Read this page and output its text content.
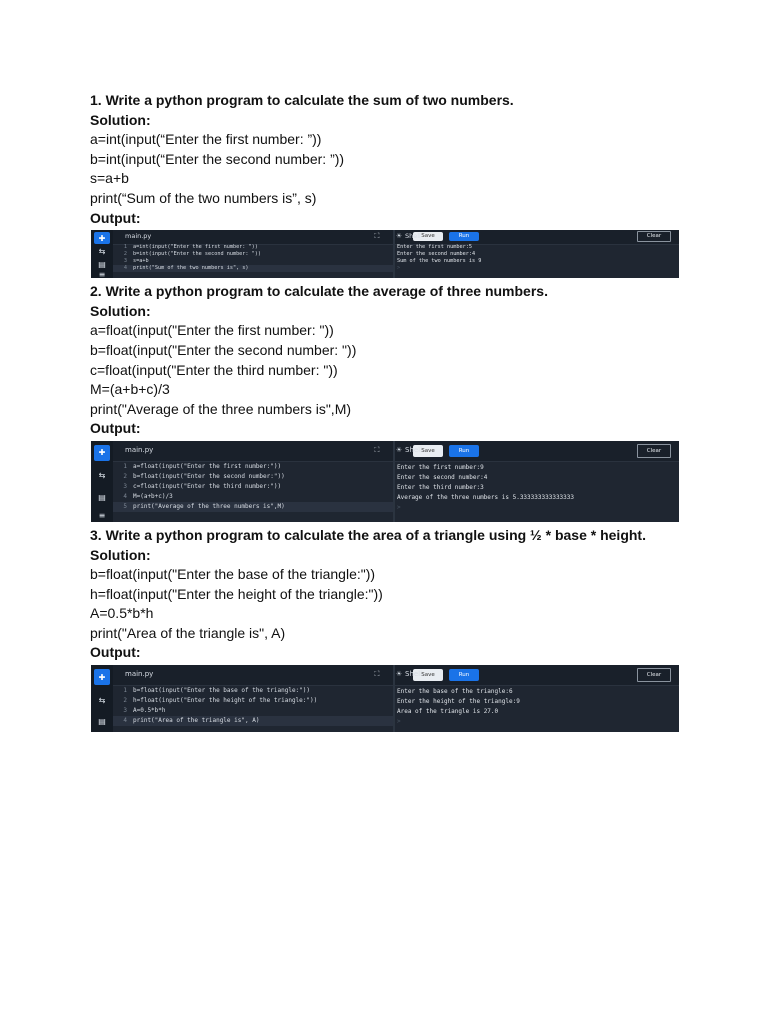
1. Write a python program to calculate the sum of two numbers.
Solution:
a=int(input(“Enter the first number: ”))
b=int(input(“Enter the second number: ”))
s=a+b
print(“Sum of the two numbers is”, s)
Output:
✚
⇆
▤
≡
main.py	⛶	☀	Save	Run
Shell	Clear
1 a=int(input("Enter the first number: "))
2 b=int(input("Enter the second number: "))
3 s=a+b
4 print("Sum of the two numbers is", s)
Enter the first number:5
Enter the second number:4
Sum of the two numbers is 9
>
2. Write a python program to calculate the average of three numbers.
Solution:
a=float(input("Enter the first number: "))
b=float(input("Enter the second number: "))
c=float(input("Enter the third number: "))
M=(a+b+c)/3
print("Average of the three numbers is",M)
Output:
✚
⇆
▤
≡
main.py	⛶	☀	Save	Run
Shell	Clear
1 a=float(input("Enter the first number:"))
2 b=float(input("Enter the second number:"))
3 c=float(input("Enter the third number:"))
4 M=(a+b+c)/3
5 print("Average of the three numbers is",M)
Enter the first number:9
Enter the second number:4
Enter the third number:3
Average of the three numbers is 5.333333333333333
>
3. Write a python program to calculate the area of a triangle using ½ * base * height.
Solution:
b=float(input("Enter the base of the triangle:"))
h=float(input("Enter the height of the triangle:"))
A=0.5*b*h
print("Area of the triangle is", A)
Output:
✚
⇆
▤
main.py	⛶	☀	Save	Run
Shell	Clear
1 b=float(input("Enter the base of the triangle:"))
2 h=float(input("Enter the height of the triangle:"))
3 A=0.5*b*h
4 print("Area of the triangle is", A)
Enter the base of the triangle:6
Enter the height of the triangle:9
Area of the triangle is 27.0
>
